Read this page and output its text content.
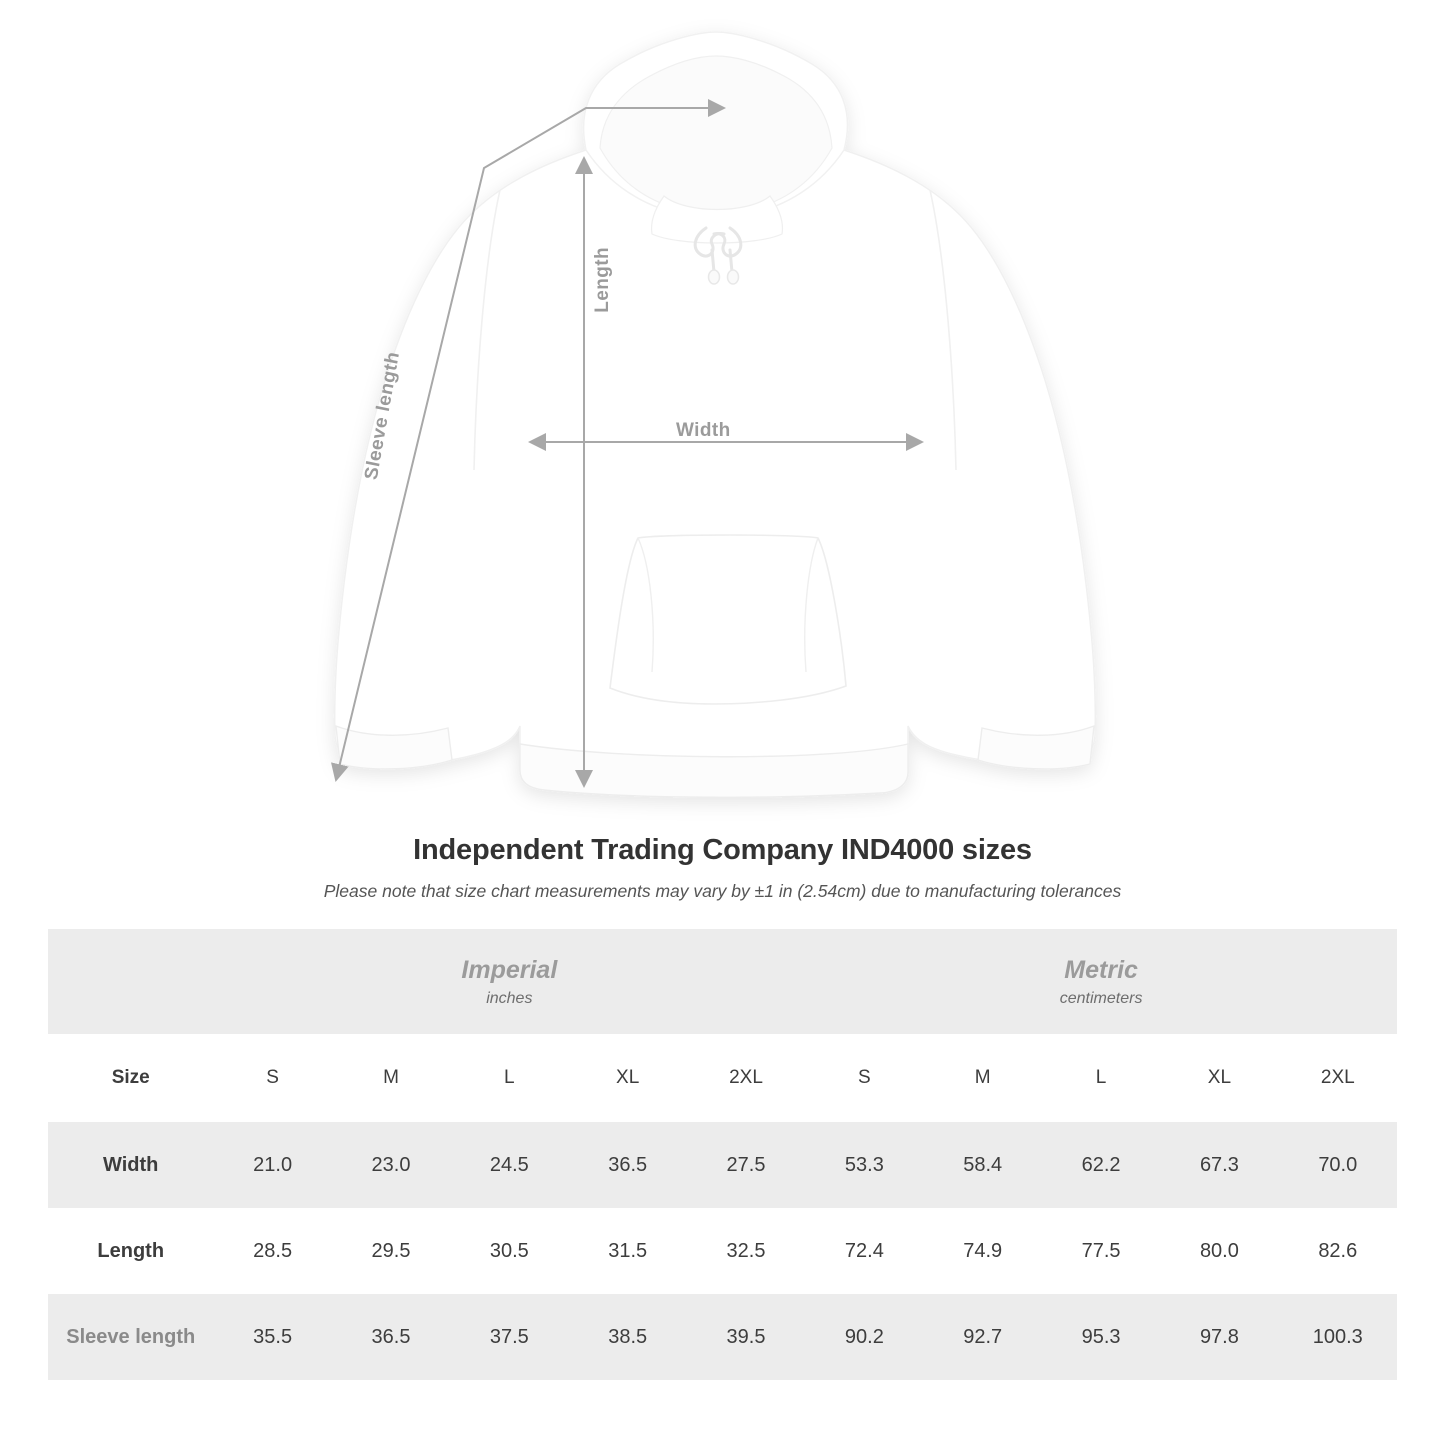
Width
Length
Sleeve length
Independent Trading Company IND4000 sizes
Please note that size chart measurements may vary by ±1 in (2.54cm) due to manufacturing tolerances

Imperial
inches

Metric
centimeters

Size	S	M	L	XL	2XL	S	M	L	XL	2XL
Width	21.0	23.0	24.5	36.5	27.5	53.3	58.4	62.2	67.3	70.0
Length	28.5	29.5	30.5	31.5	32.5	72.4	74.9	77.5	80.0	82.6
Sleeve length	35.5	36.5	37.5	38.5	39.5	90.2	92.7	95.3	97.8	100.3
